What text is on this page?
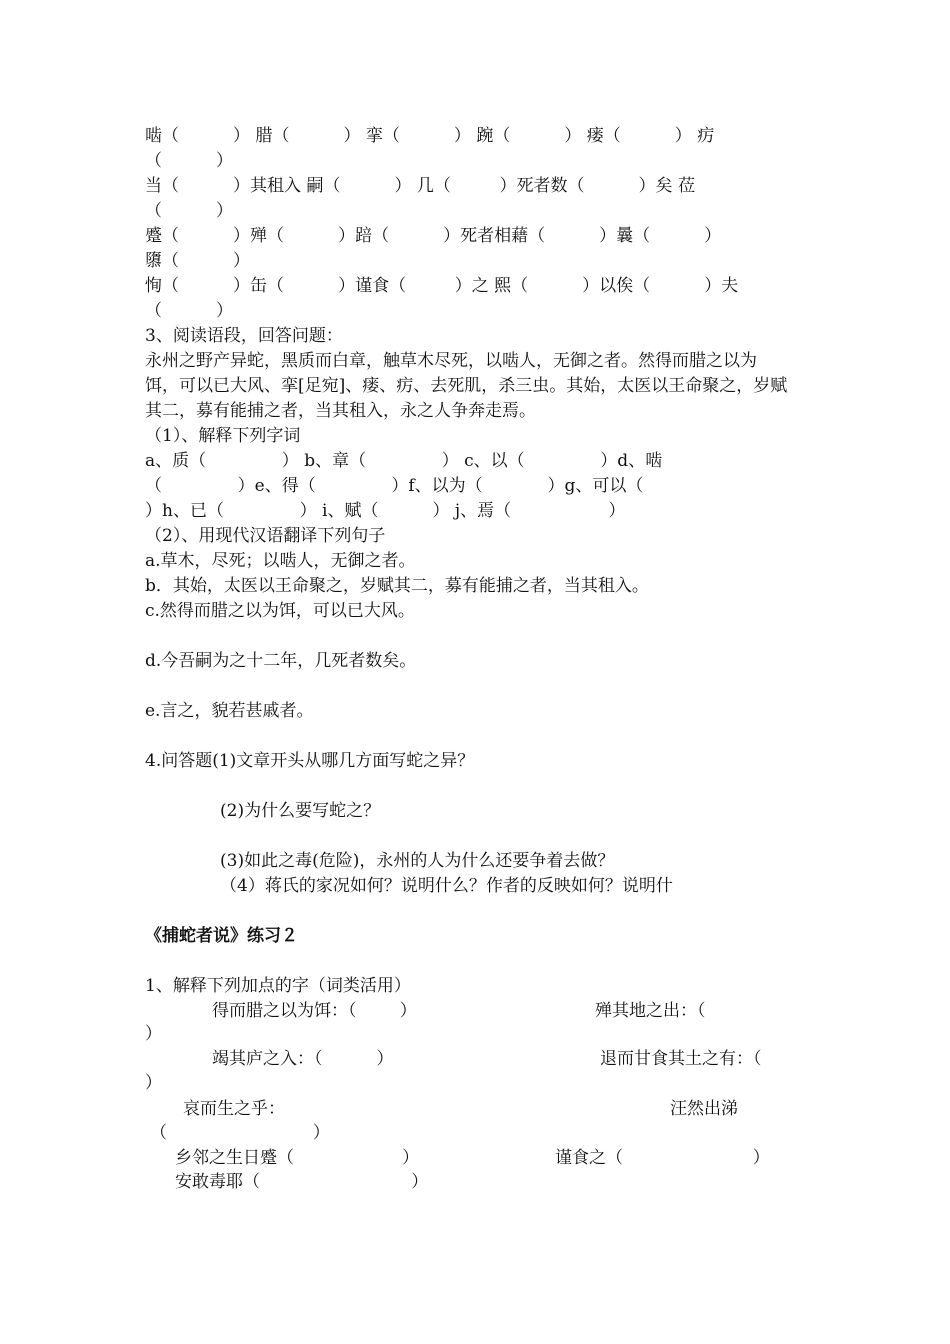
啮（          ） 腊（          ） 挛（          ） 踠（          ） 瘘（          ） 疠
（          ）
当（          ）其租入 嗣（          ） 几（         ）死者数（          ）矣 莅
（          ）
蹙（          ）殚（          ）踣（          ）死者相藉（          ）曩（          ）
隳（          ）
恂（          ）缶（          ）谨食（         ）之 熙（          ）以俟（          ）夫
（          ）
3、阅读语段，回答问题：
永州之野产异蛇，黑质而白章，触草木尽死，以啮人，无御之者。然得而腊之以为
饵，可以已大风、挛[足宛]、瘘、疠、去死肌，杀三虫。其始，太医以王命聚之，岁赋
其二，募有能捕之者，当其租入，永之人争奔走焉。
（1）、解释下列字词
a、质（              ） b、章（              ） c、以（              ）d、啮
（              ）e、得（              ）f、以为（            ）g、可以（
）h、已（              ） i、赋（          ） j、焉（                  ）
（2）、用现代汉语翻译下列句子
a.草木，尽死；以啮人，无御之者。
b．其始，太医以王命聚之，岁赋其二，募有能捕之者，当其租入。
c.然得而腊之以为饵，可以已大风。
d.今吾嗣为之十二年，几死者数矣。
e.言之，貌若甚戚者。
4.问答题(1)文章开头从哪几方面写蛇之异？
(2)为什么要写蛇之？
(3)如此之毒(危险)，永州的人为什么还要争着去做？
（4）蒋氏的家况如何？说明什么？作者的反映如何？说明什
《捕蛇者说》练习２
1、解释下列加点的字（词类活用）
得而腊之以为饵：（        ）	殚其地之出：（
）
竭其庐之入：（          ）	退而甘食其土之有：（
）
哀而生之乎：	汪然出涕
（                           ）
乡邻之生日蹙（                    ）	谨食之（                        ）
安敢毒耶（                            ）
